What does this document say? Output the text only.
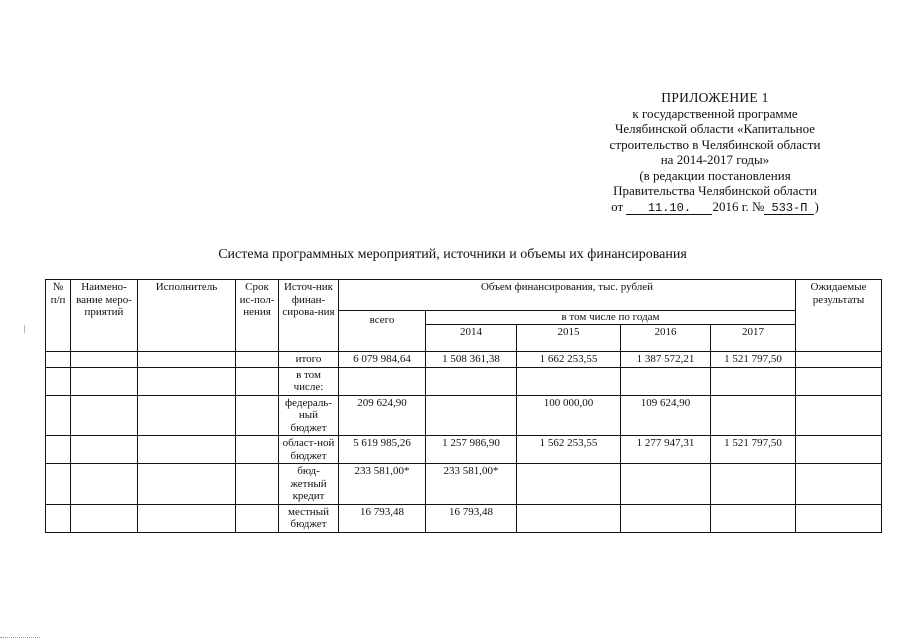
ПРИЛОЖЕНИЕ 1
к государственной программе
Челябинской области «Капитальное
строительство в Челябинской области
на 2014-2017 годы»
(в редакции постановления
Правительства Челябинской области
от 11.10. 2016 г. № 533-П )
Система программных мероприятий, источники и объемы их финансирования
№ п/п	Наимено-вание меро-приятий	Исполнитель	Срок ис-пол-нения	Источ-ник финан-сирова-ния	Объем финансирования, тыс. рублей					Ожидаемые результаты
					всего	в том числе по годам				
						2014	2015	2016	2017	
				итого	6 079 984,64	1 508 361,38	1 662 253,55	1 387 572,21	1 521 797,50	
				в том числе:						
				федераль-ный бюджет	209 624,90		100 000,00	109 624,90		
				област-ной бюджет	5 619 985,26	1 257 986,90	1 562 253,55	1 277 947,31	1 521 797,50	
				бюд-жетный кредит	233 581,00*	233 581,00*				
				местный бюджет	16 793,48	16 793,48				
